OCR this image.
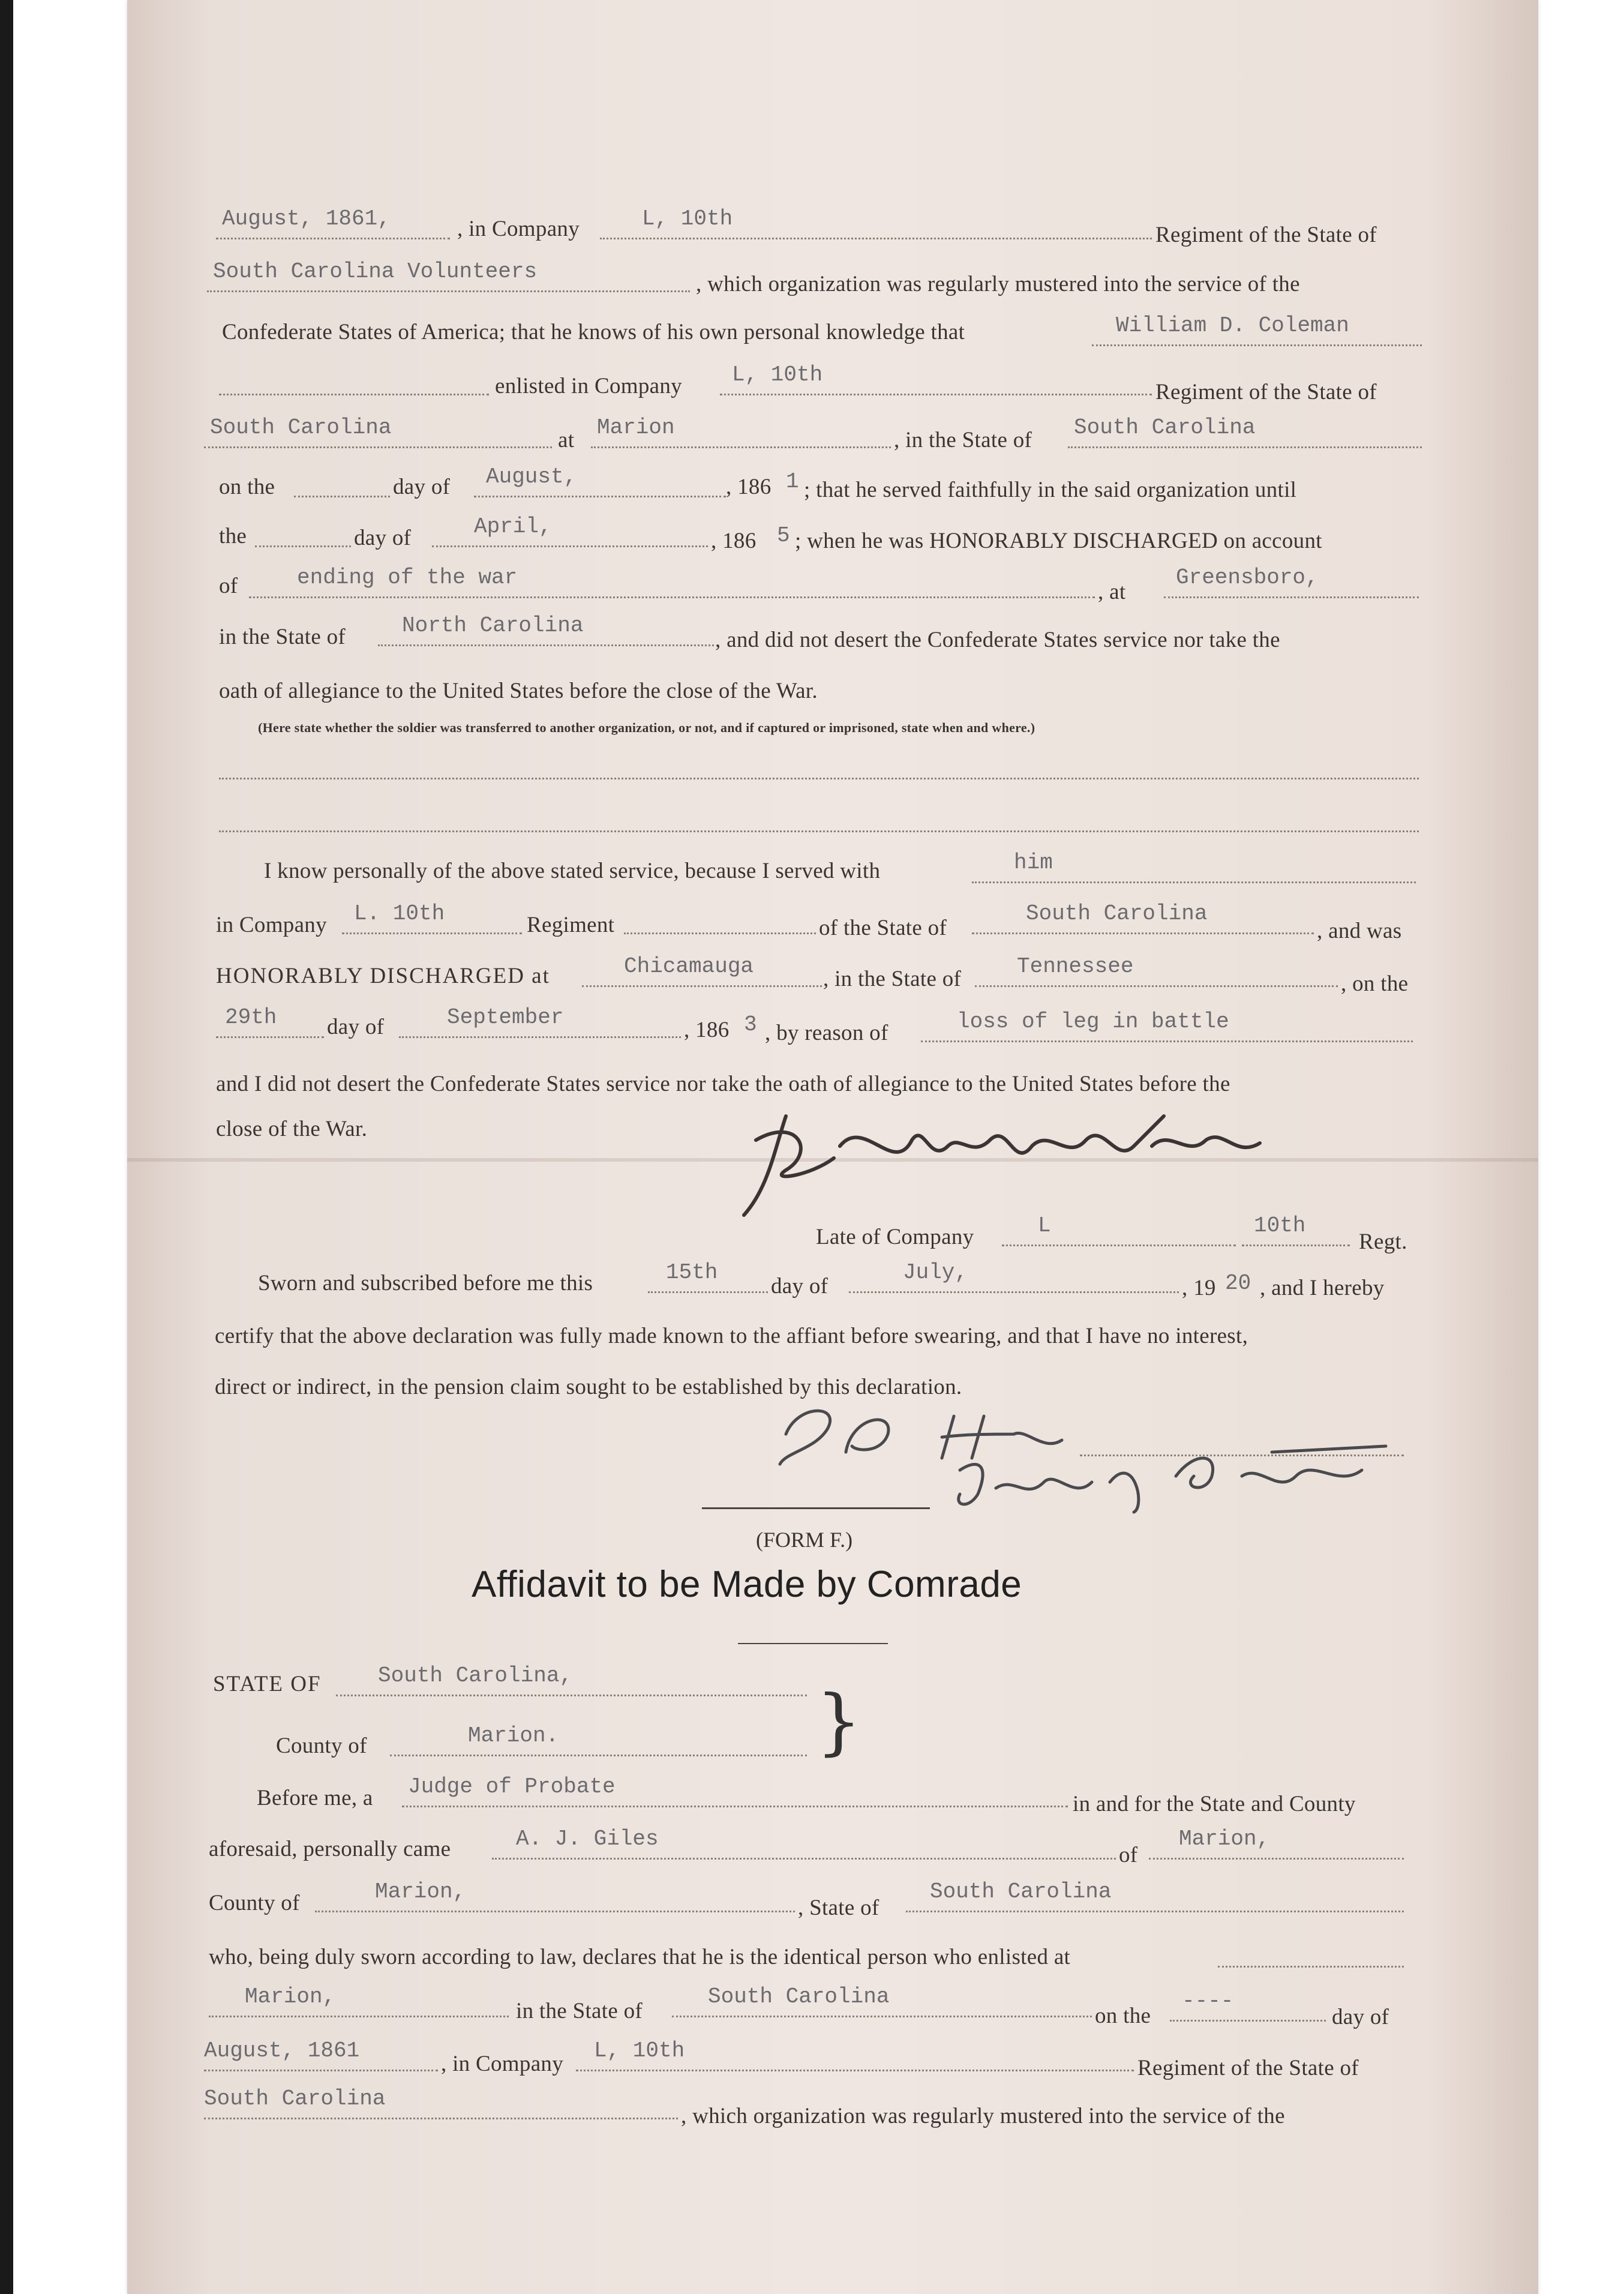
August, 1861,	, in Company	L, 10th
Regiment of the State of
South Carolina Volunteers
, which organization was regularly mustered into the service of the
Confederate States of America; that he knows of his own personal knowledge that	William D. Coleman
enlisted in Company L, 10th
Regiment of the State of
South Carolina
at
Marion
, in the State of
South Carolina
on the	day of August,	, 186 1 ; that he served faithfully in the said organization until
the	day of	April,
, 186 5 ; when he was HONORABLY DISCHARGED on account
of	ending of the war
, at
Greensboro,
in the State of	North Carolina
, and did not desert the Confederate States service nor take the
oath of allegiance to the United States before the close of the War.
(Here state whether the soldier was transferred to another organization, or not, and if captured or imprisoned, state when and where.)
I know personally of the above stated service, because I served with	him
in Company L. 10th	Regiment	of the State of
South Carolina
, and was
HONORABLY DISCHARGED at	Chicamauga
, in the State of
Tennessee
, on the
29th day of	September
, 186 3 , by reason of	loss of leg in battle
and I did not desert the Confederate States service nor take the oath of allegiance to the United States before the
close of the War.
Late of Company	L	10th
Regt.
Sworn and subscribed before me this	15th
day of
July,
, 19 20 , and I hereby
certify that the above declaration was fully made known to the affiant before swearing, and that I have no interest,
direct or indirect, in the pension claim sought to be established by this declaration.
(FORM F.)
Affidavit to be Made by Comrade
STATE OF	South Carolina,
County of	Marion.	}
Before me, a Judge of Probate
in and for the State and County
aforesaid, personally came	A. J. Giles
of
Marion,
County of	Marion,
, State of
South Carolina
who, being duly sworn according to law, declares that he is the identical person who enlisted at
Marion,
in the State of
South Carolina
on the
----
day of
August, 1861
, in Company
L, 10th
Regiment of the State of
South Carolina
, which organization was regularly mustered into the service of the
